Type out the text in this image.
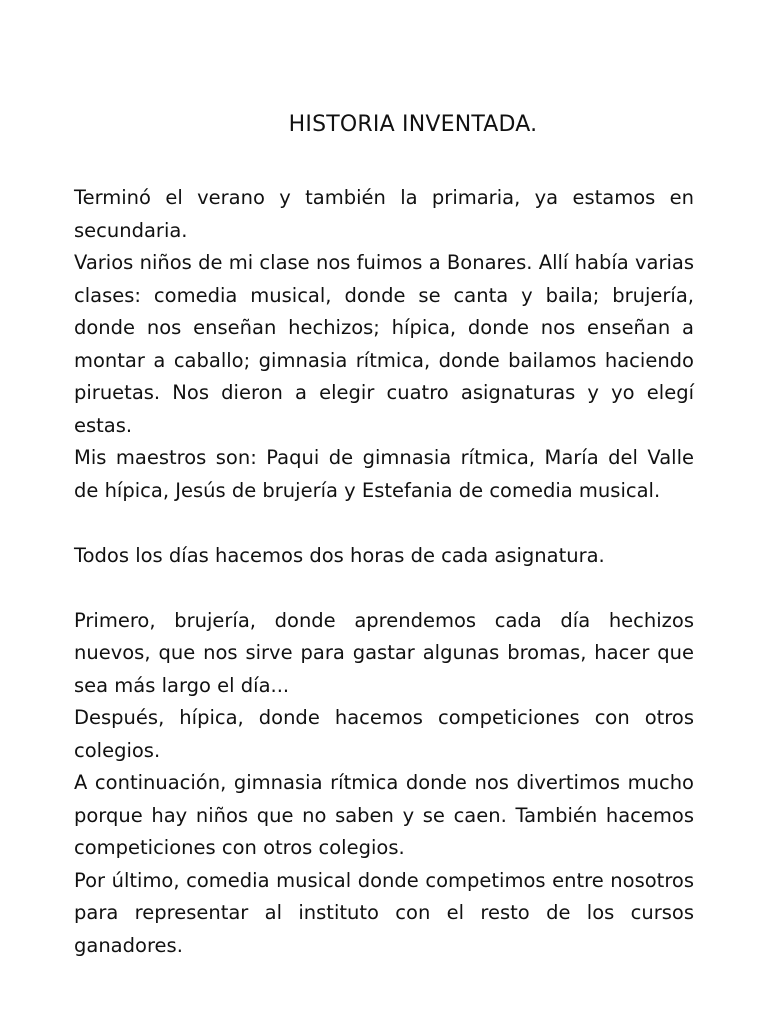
HISTORIA INVENTADA.

Terminó el verano y también la primaria, ya estamos en secundaria.

Varios niños de mi clase nos fuimos a Bonares. Allí había varias clases: comedia musical, donde se canta y baila; brujería, donde nos enseñan hechizos; hípica, donde nos enseñan a montar a caballo; gimnasia rítmica, donde bailamos haciendo piruetas. Nos dieron a elegir cuatro asignaturas y yo elegí estas.

Mis maestros son: Paqui de gimnasia rítmica, María del Valle de hípica, Jesús de brujería y Estefania de comedia musical.

Todos los días hacemos dos horas de cada asignatura.

Primero, brujería, donde aprendemos cada día hechizos nuevos, que nos sirve para gastar algunas bromas, hacer que sea más largo el día...

Después, hípica, donde hacemos competiciones con otros colegios.

A continuación, gimnasia rítmica donde nos divertimos mucho porque hay niños que no saben y se caen. También hacemos competiciones con otros colegios.

Por último, comedia musical donde competimos entre nosotros para representar al instituto con el resto de los cursos ganadores.
